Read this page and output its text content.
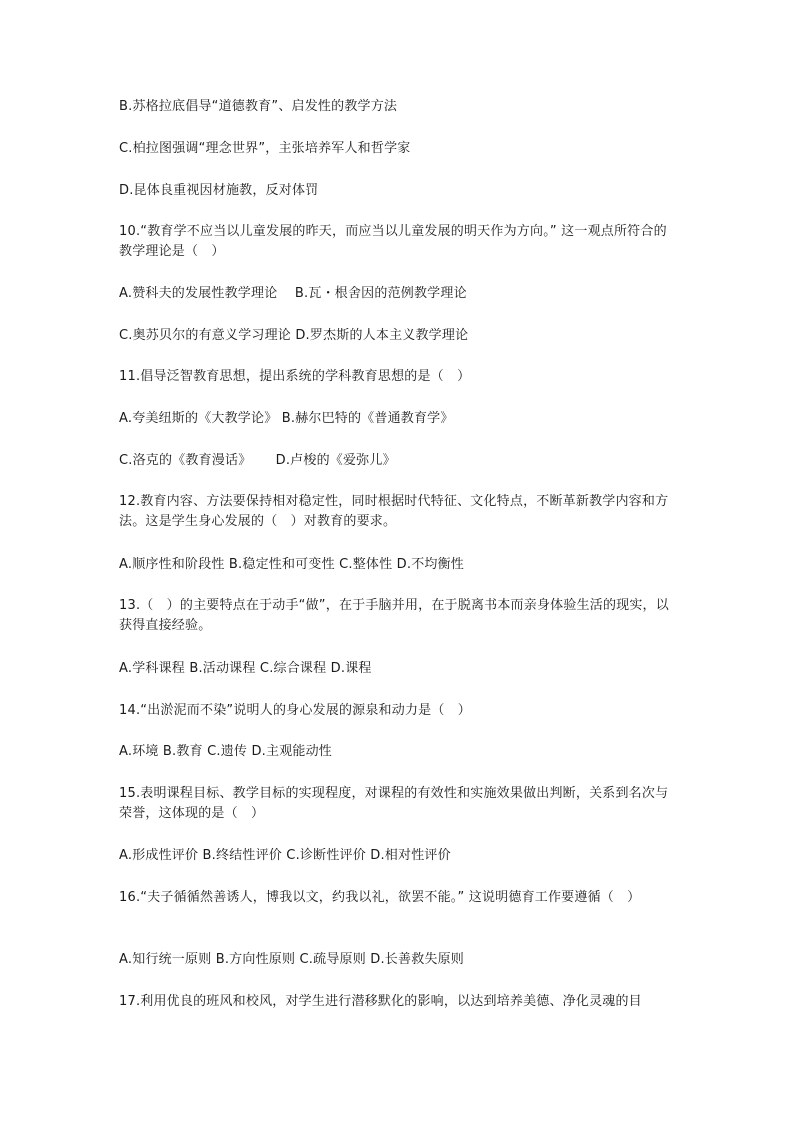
B.苏格拉底倡导“道德教育”、启发性的教学方法
C.柏拉图强调“理念世界”，主张培养军人和哲学家
D.昆体良重视因材施教，反对体罚
10.“教育学不应当以儿童发展的昨天，而应当以儿童发展的明天作为方向。” 这一观点所符合的教学理论是（　）
A.赞科夫的发展性教学理论　 B.瓦・根舍因的范例教学理论
C.奥苏贝尔的有意义学习理论 D.罗杰斯的人本主义教学理论
11.倡导泛智教育思想，提出系统的学科教育思想的是（　）
A.夸美纽斯的《大教学论》 B.赫尔巴特的《普通教育学》
C.洛克的《教育漫话》　　 D.卢梭的《爱弥儿》
12.教育内容、方法要保持相对稳定性，同时根据时代特征、文化特点，不断革新教学内容和方法。这是学生身心发展的（　）对教育的要求。
A.顺序性和阶段性 B.稳定性和可变性 C.整体性 D.不均衡性
13.（　）的主要特点在于动手“做”，在于手脑并用，在于脱离书本而亲身体验生活的现实，以获得直接经验。
A.学科课程 B.活动课程 C.综合课程 D.课程
14.“出淤泥而不染”说明人的身心发展的源泉和动力是（　）
A.环境 B.教育 C.遗传 D.主观能动性
15.表明课程目标、教学目标的实现程度，对课程的有效性和实施效果做出判断，关系到名次与荣誉，这体现的是（　）
A.形成性评价 B.终结性评价 C.诊断性评价 D.相对性评价
16.“夫子循循然善诱人，博我以文，约我以礼，欲罢不能。” 这说明德育工作要遵循（　）
A.知行统一原则 B.方向性原则 C.疏导原则 D.长善救失原则
17.利用优良的班风和校风，对学生进行潜移默化的影响，以达到培养美德、净化灵魂的目
